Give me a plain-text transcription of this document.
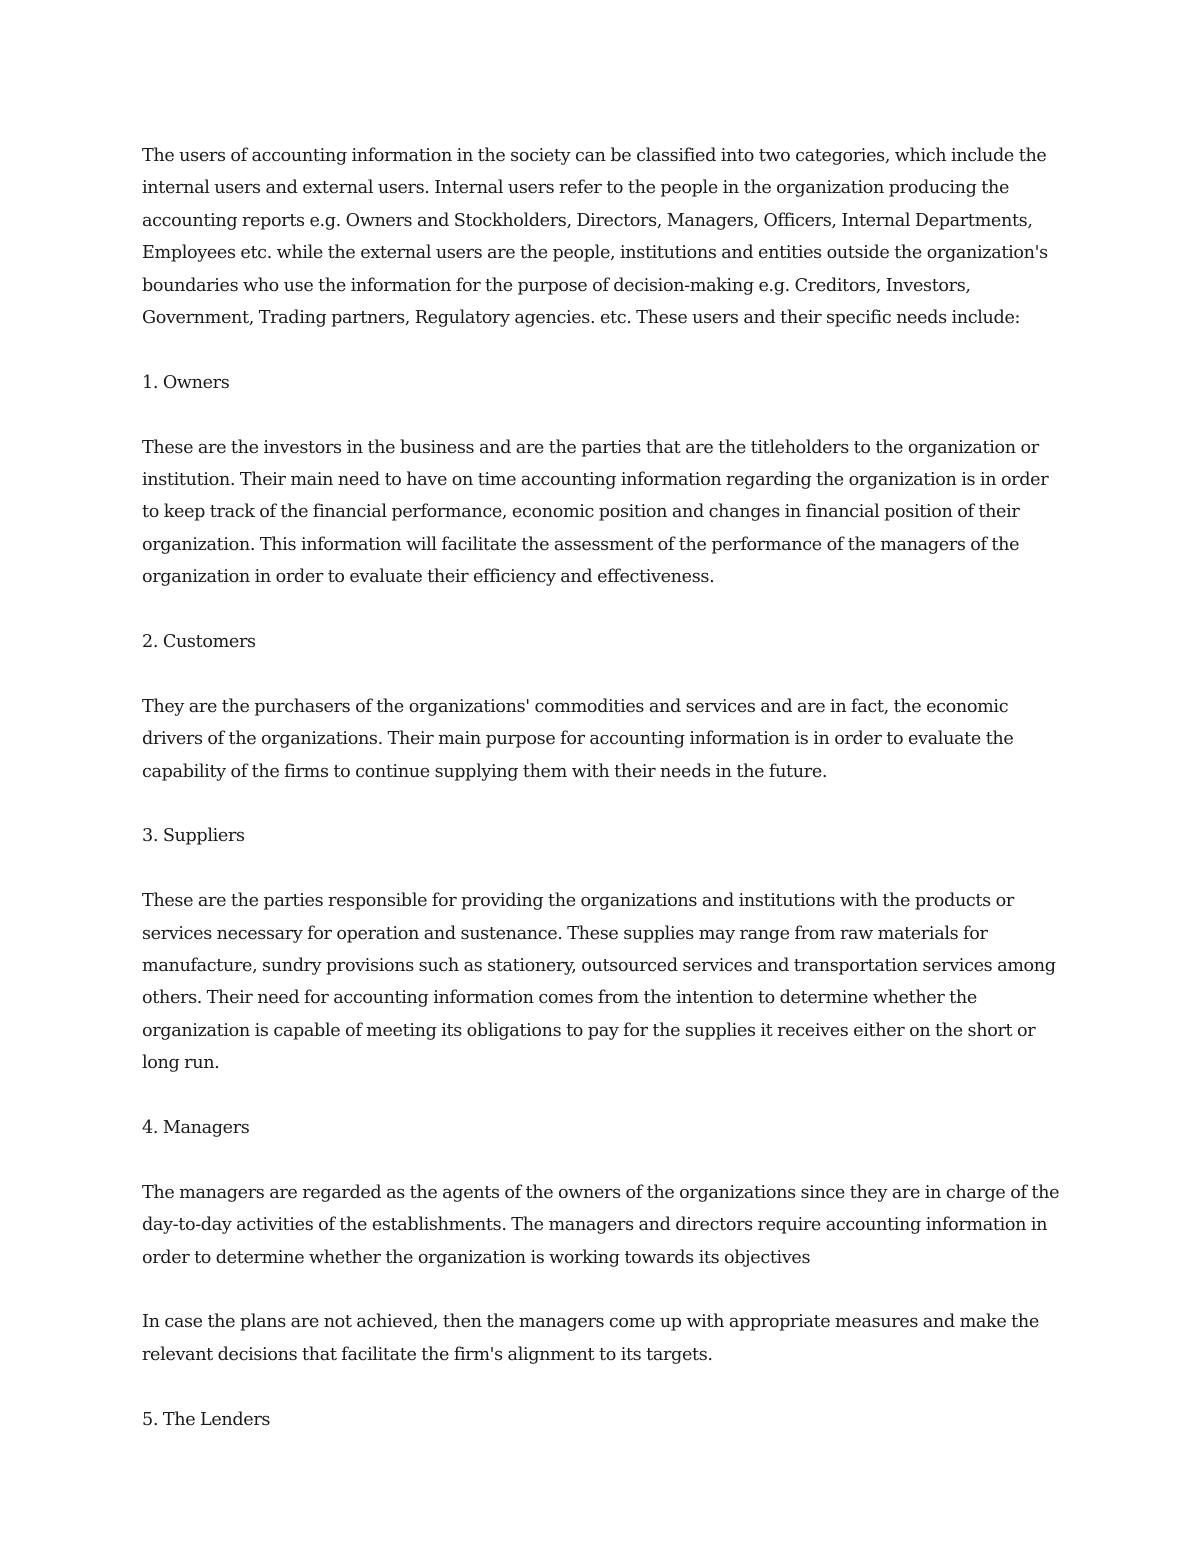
The users of accounting information in the society can be classified into two categories, which include the internal users and external users. Internal users refer to the people in the organization producing the accounting reports e.g. Owners and Stockholders, Directors, Managers, Officers, Internal Departments, Employees etc. while the external users are the people, institutions and entities outside the organization's boundaries who use the information for the purpose of decision-making e.g. Creditors, Investors, Government, Trading partners, Regulatory agencies. etc. These users and their specific needs include:

1. Owners

These are the investors in the business and are the parties that are the titleholders to the organization or institution. Their main need to have on time accounting information regarding the organization is in order to keep track of the financial performance, economic position and changes in financial position of their organization. This information will facilitate the assessment of the performance of the managers of the organization in order to evaluate their efficiency and effectiveness.

2. Customers

They are the purchasers of the organizations' commodities and services and are in fact, the economic drivers of the organizations. Their main purpose for accounting information is in order to evaluate the capability of the firms to continue supplying them with their needs in the future.

3. Suppliers

These are the parties responsible for providing the organizations and institutions with the products or services necessary for operation and sustenance. These supplies may range from raw materials for manufacture, sundry provisions such as stationery, outsourced services and transportation services among others. Their need for accounting information comes from the intention to determine whether the organization is capable of meeting its obligations to pay for the supplies it receives either on the short or long run.

4. Managers

The managers are regarded as the agents of the owners of the organizations since they are in charge of the day-to-day activities of the establishments. The managers and directors require accounting information in order to determine whether the organization is working towards its objectives

In case the plans are not achieved, then the managers come up with appropriate measures and make the relevant decisions that facilitate the firm's alignment to its targets.

5. The Lenders
